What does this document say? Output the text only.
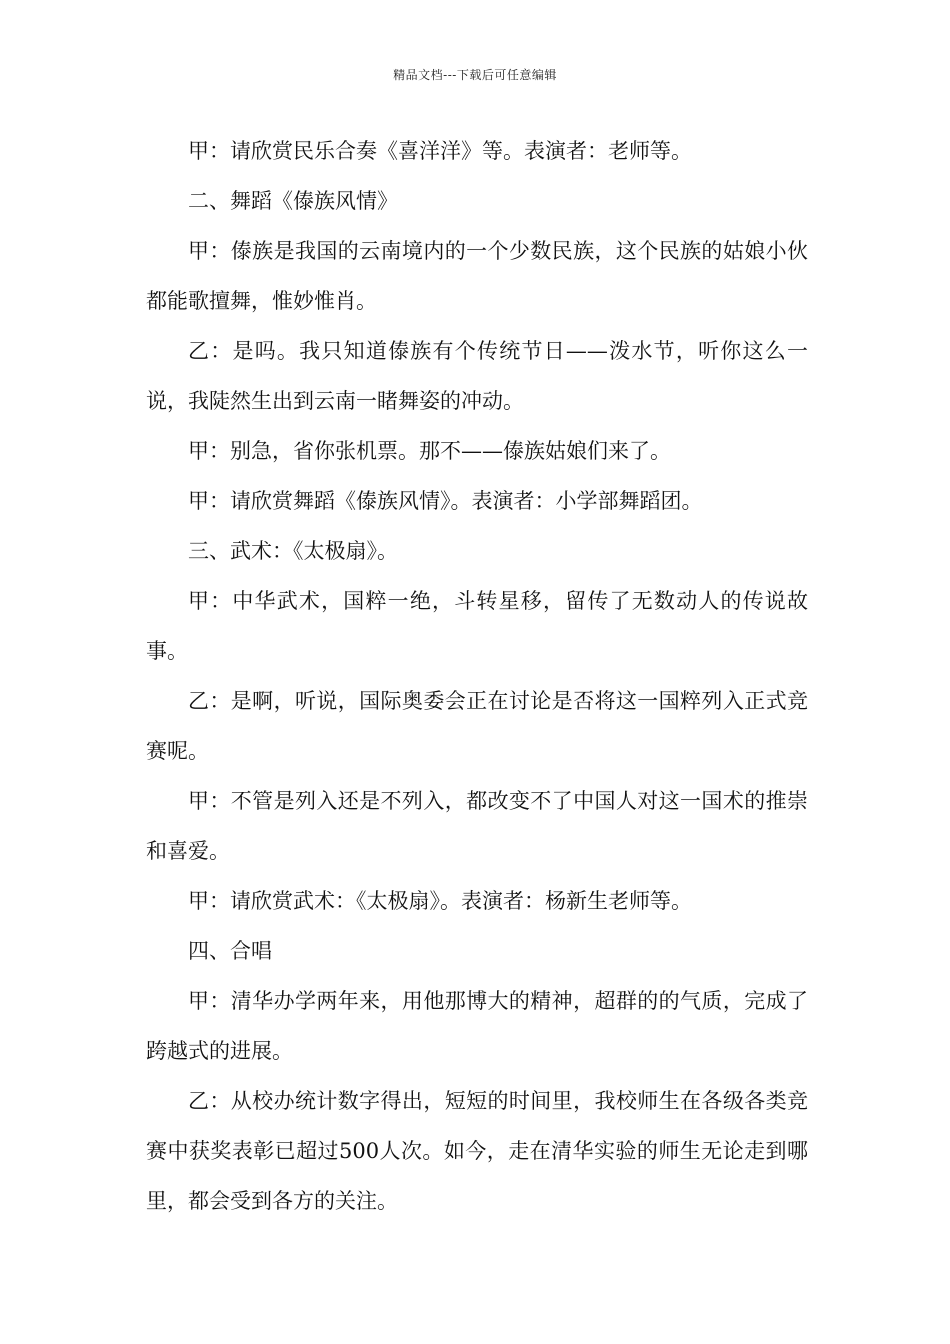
精品文档---下载后可任意编辑

甲：请欣赏民乐合奏《喜洋洋》等。表演者：老师等。

二、舞蹈《傣族风情》

甲：傣族是我国的云南境内的一个少数民族，这个民族的姑娘小伙都能歌擅舞，惟妙惟肖。

乙：是吗。我只知道傣族有个传统节日——泼水节，听你这么一说，我陡然生出到云南一睹舞姿的冲动。

甲：别急，省你张机票。那不——傣族姑娘们来了。

甲：请欣赏舞蹈《傣族风情》。表演者：小学部舞蹈团。

三、武术：《太极扇》。

甲：中华武术，国粹一绝，斗转星移，留传了无数动人的传说故事。

乙：是啊，听说，国际奥委会正在讨论是否将这一国粹列入正式竞赛呢。

甲：不管是列入还是不列入，都改变不了中国人对这一国术的推崇和喜爱。

甲：请欣赏武术：《太极扇》。表演者：杨新生老师等。

四、合唱

甲：清华办学两年来，用他那博大的精神，超群的的气质，完成了跨越式的进展。

乙：从校办统计数字得出，短短的时间里，我校师生在各级各类竞赛中获奖表彰已超过500人次。如今，走在清华实验的师生无论走到哪里，都会受到各方的关注。
